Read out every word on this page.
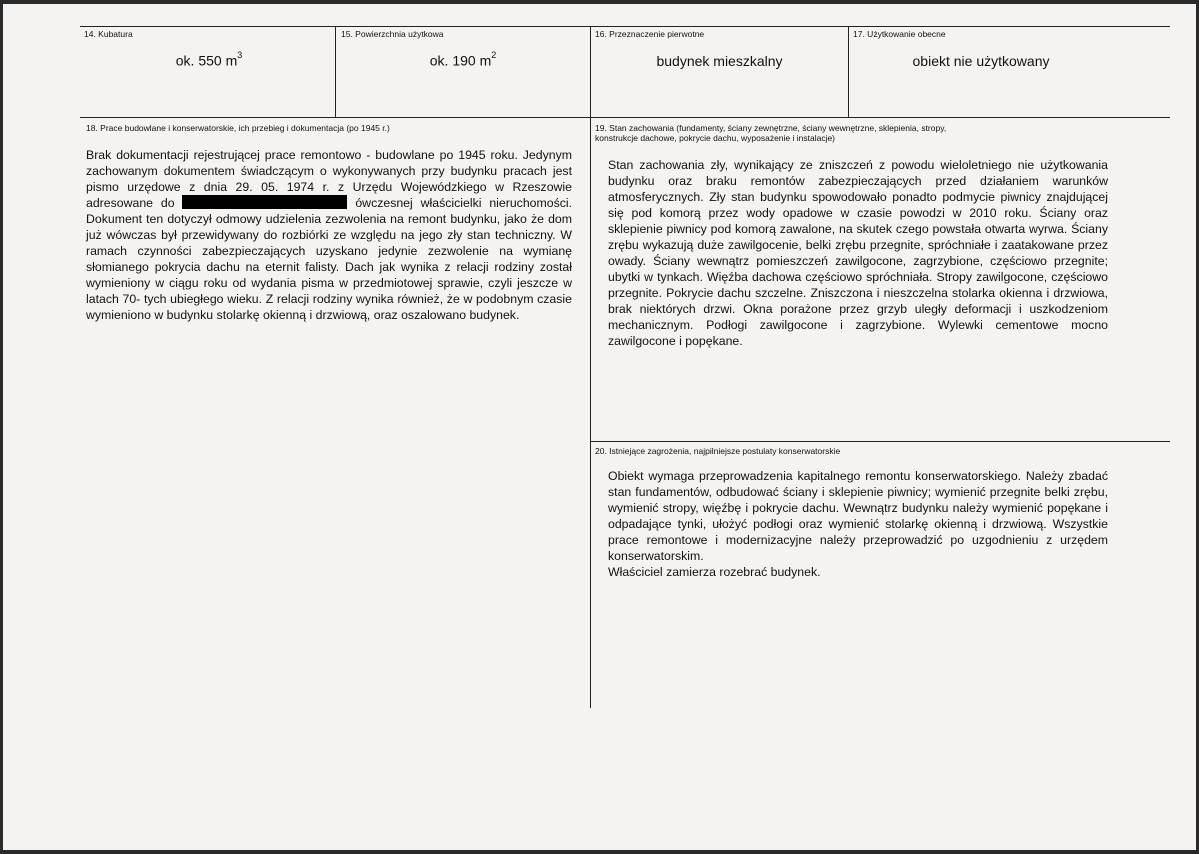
14. Kubatura
ok. 550 $m^3$
15. Powierzchnia użytkowa
ok. 190 $m^2$
16. Przeznaczenie pierwotne
budynek mieszkalny
17. Użytkowanie obecne
obiekt nie użytkowany
18. Prace budowlane i konserwatorskie, ich przebieg i dokumentacja (po 1945 r.)

Brak dokumentacji rejestrującej prace remontowo - budowlane po 1945 roku. Jedynym zachowanym dokumentem świadczącym o wykonywanych przy budynku pracach jest pismo urzędowe z dnia 29. 05. 1974 r. z Urzędu Wojewódzkiego w Rzeszowie adresowane do	ówczesnej właścicielki nieruchomości. Dokument ten dotyczył odmowy udzielenia zezwolenia na remont budynku, jako że dom już wówczas był przewidywany do rozbiórki ze względu na jego zły stan techniczny. W ramach czynności zabezpieczających uzyskano jedynie zezwolenie na wymianę słomianego pokrycia dachu na eternit falisty. Dach jak wynika z relacji rodziny został wymieniony w ciągu roku od wydania pisma w przedmiotowej sprawie, czyli jeszcze w latach 70- tych ubiegłego wieku. Z relacji rodziny wynika również, że w podobnym czasie wymieniono w budynku stolarkę okienną i drzwiową, oraz oszalowano budynek.

19. Stan zachowania (fundamenty, ściany zewnętrzne, ściany wewnętrzne, sklepienia, stropy,
konstrukcje dachowe, pokrycie dachu, wyposażenie i instalacje)
Stan zachowania zły, wynikający ze zniszczeń z powodu wieloletniego nie użytkowania budynku oraz braku remontów zabezpieczających przed działaniem warunków atmosferycznych. Zły stan budynku spowodowało ponadto podmycie piwnicy znajdującej się pod komorą przez wody opadowe w czasie powodzi w 2010 roku. Ściany oraz sklepienie piwnicy pod komorą zawalone, na skutek czego powstała otwarta wyrwa. Ściany zrębu wykazują duże zawilgocenie, belki zrębu przegnite, spróchniałe i zaatakowane przez owady. Ściany wewnątrz pomieszczeń zawilgocone, zagrzybione, częściowo przegnite; ubytki w tynkach. Więźba dachowa częściowo spróchniała. Stropy zawilgocone, częściowo przegnite. Pokrycie dachu szczelne. Zniszczona i nieszczelna stolarka okienna i drzwiowa, brak niektórych drzwi. Okna porażone przez grzyb uległy deformacji i uszkodzeniom mechanicznym. Podłogi zawilgocone i zagrzybione. Wylewki cementowe mocno zawilgocone i popękane.
20. Istniejące zagrożenia, najpilniejsze postulaty konserwatorskie

Obiekt wymaga przeprowadzenia kapitalnego remontu konserwatorskiego. Należy zbadać stan fundamentów, odbudować ściany i sklepienie piwnicy; wymienić przegnite belki zrębu, wymienić stropy, więźbę i pokrycie dachu. Wewnątrz budynku należy wymienić popękane i odpadające tynki, ułożyć podłogi oraz wymienić stolarkę okienną i drzwiową. Wszystkie prace remontowe i modernizacyjne należy przeprowadzić po uzgodnieniu z urzędem konserwatorskim.

Właściciel zamierza rozebrać budynek.
